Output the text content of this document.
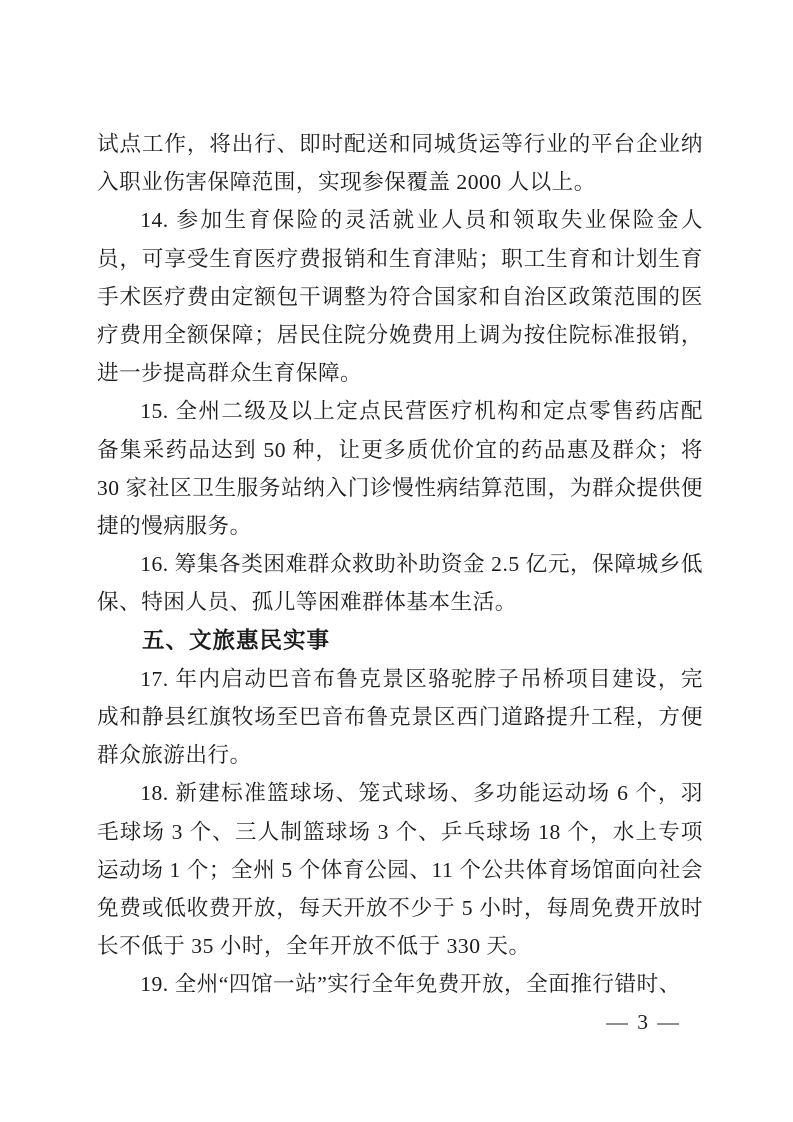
试点工作，将出行、即时配送和同城货运等行业的平台企业纳入职业伤害保障范围，实现参保覆盖 2000 人以上。

14. 参加生育保险的灵活就业人员和领取失业保险金人员，可享受生育医疗费报销和生育津贴；职工生育和计划生育手术医疗费由定额包干调整为符合国家和自治区政策范围的医疗费用全额保障；居民住院分娩费用上调为按住院标准报销，进一步提高群众生育保障。

15. 全州二级及以上定点民营医疗机构和定点零售药店配备集采药品达到 50 种，让更多质优价宜的药品惠及群众；将 30 家社区卫生服务站纳入门诊慢性病结算范围，为群众提供便捷的慢病服务。

16. 筹集各类困难群众救助补助资金 2.5 亿元，保障城乡低保、特困人员、孤儿等困难群体基本生活。

五、文旅惠民实事

17. 年内启动巴音布鲁克景区骆驼脖子吊桥项目建设，完成和静县红旗牧场至巴音布鲁克景区西门道路提升工程，方便群众旅游出行。

18. 新建标准篮球场、笼式球场、多功能运动场 6 个，羽毛球场 3 个、三人制篮球场 3 个、乒乓球场 18 个，水上专项运动场 1 个；全州 5 个体育公园、11 个公共体育场馆面向社会免费或低收费开放，每天开放不少于 5 小时，每周免费开放时长不低于 35 小时，全年开放不低于 330 天。

19. 全州“四馆一站”实行全年免费开放，全面推行错时、

— 3 —
